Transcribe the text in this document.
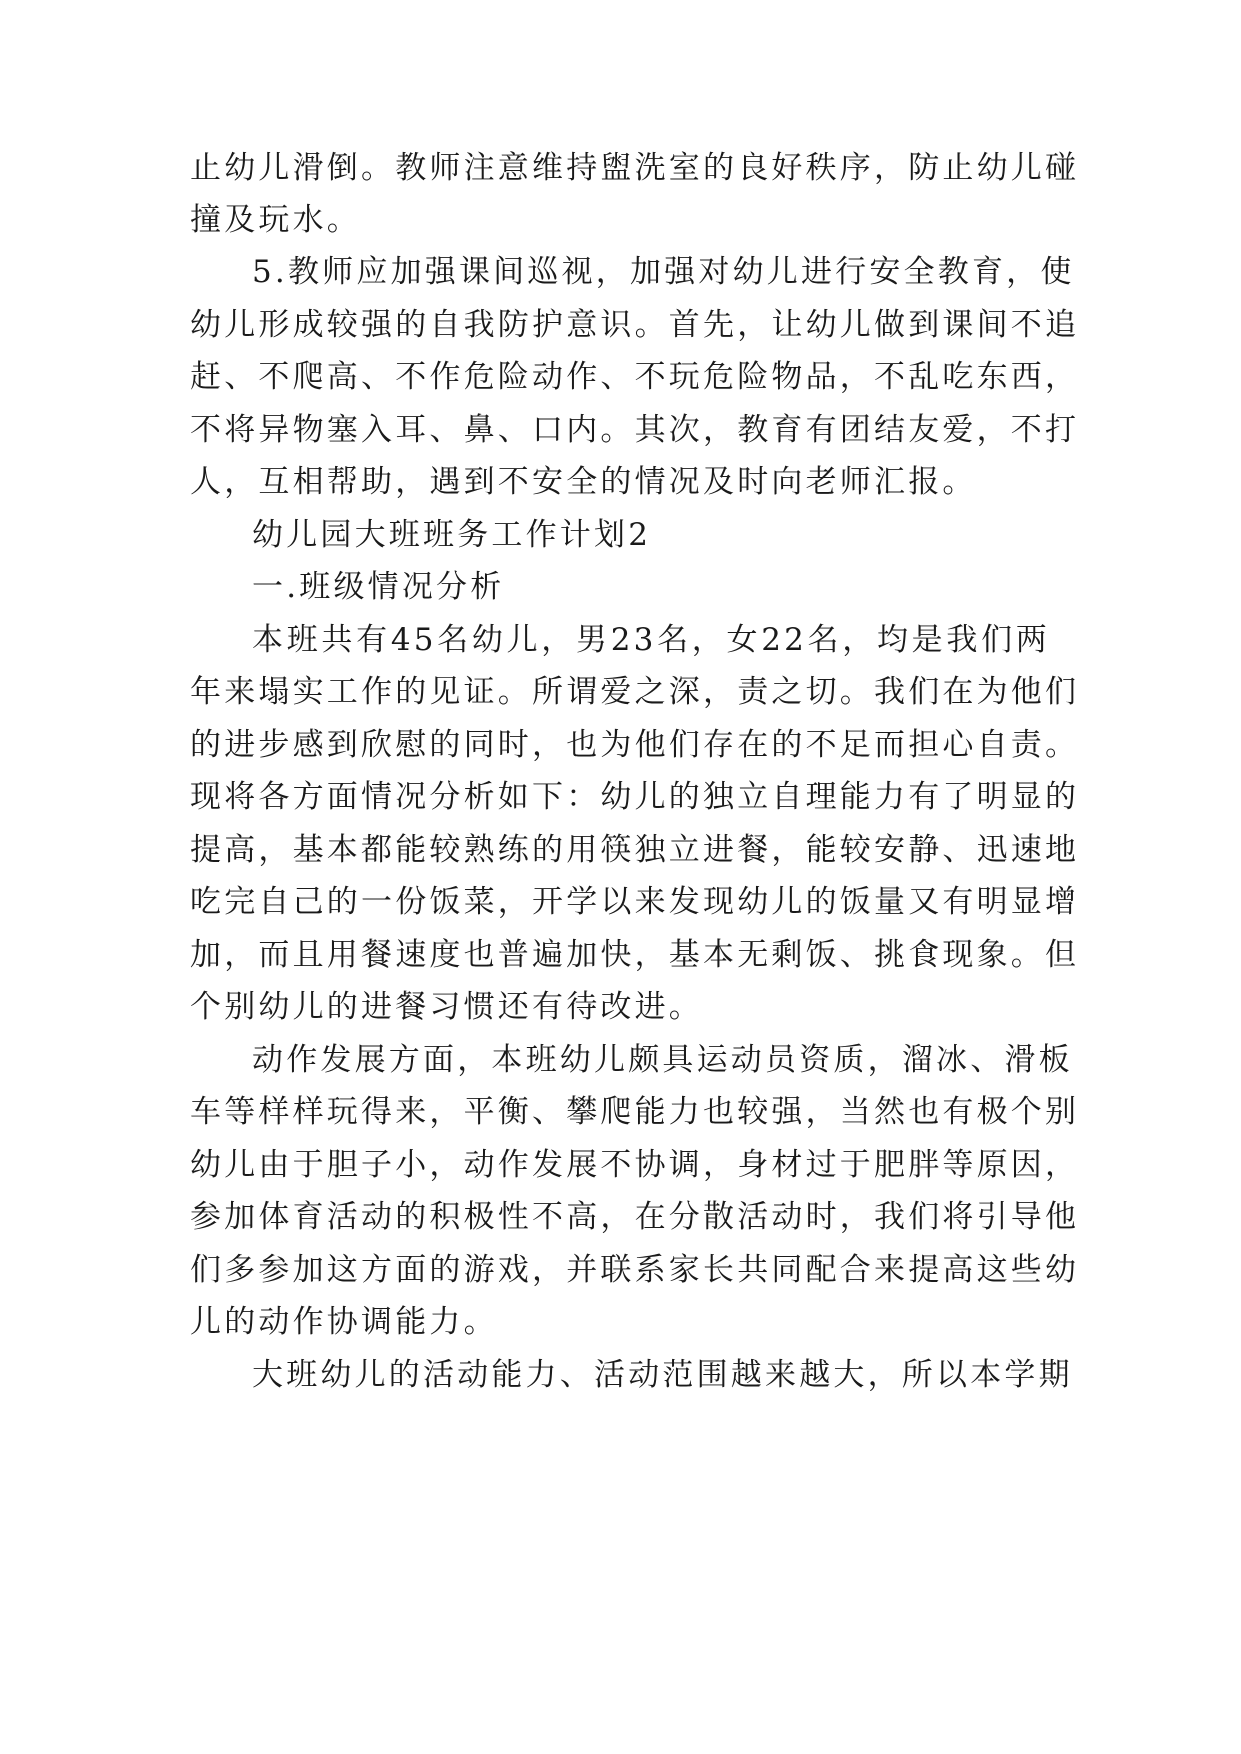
止幼儿滑倒。教师注意维持盥洗室的良好秩序，防止幼儿碰
撞及玩水。
5.教师应加强课间巡视，加强对幼儿进行安全教育，使
幼儿形成较强的自我防护意识。首先，让幼儿做到课间不追
赶、不爬高、不作危险动作、不玩危险物品，不乱吃东西，
不将异物塞入耳、鼻、口内。其次，教育有团结友爱，不打
人，互相帮助，遇到不安全的情况及时向老师汇报。
幼儿园大班班务工作计划2
一.班级情况分析
本班共有45名幼儿，男23名，女22名，均是我们两
年来塌实工作的见证。所谓爱之深，责之切。我们在为他们
的进步感到欣慰的同时，也为他们存在的不足而担心自责。
现将各方面情况分析如下：幼儿的独立自理能力有了明显的
提高，基本都能较熟练的用筷独立进餐，能较安静、迅速地
吃完自己的一份饭菜，开学以来发现幼儿的饭量又有明显增
加，而且用餐速度也普遍加快，基本无剩饭、挑食现象。但
个别幼儿的进餐习惯还有待改进。
动作发展方面，本班幼儿颇具运动员资质，溜冰、滑板
车等样样玩得来，平衡、攀爬能力也较强，当然也有极个别
幼儿由于胆子小，动作发展不协调，身材过于肥胖等原因，
参加体育活动的积极性不高，在分散活动时，我们将引导他
们多参加这方面的游戏，并联系家长共同配合来提高这些幼
儿的动作协调能力。
大班幼儿的活动能力、活动范围越来越大，所以本学期
